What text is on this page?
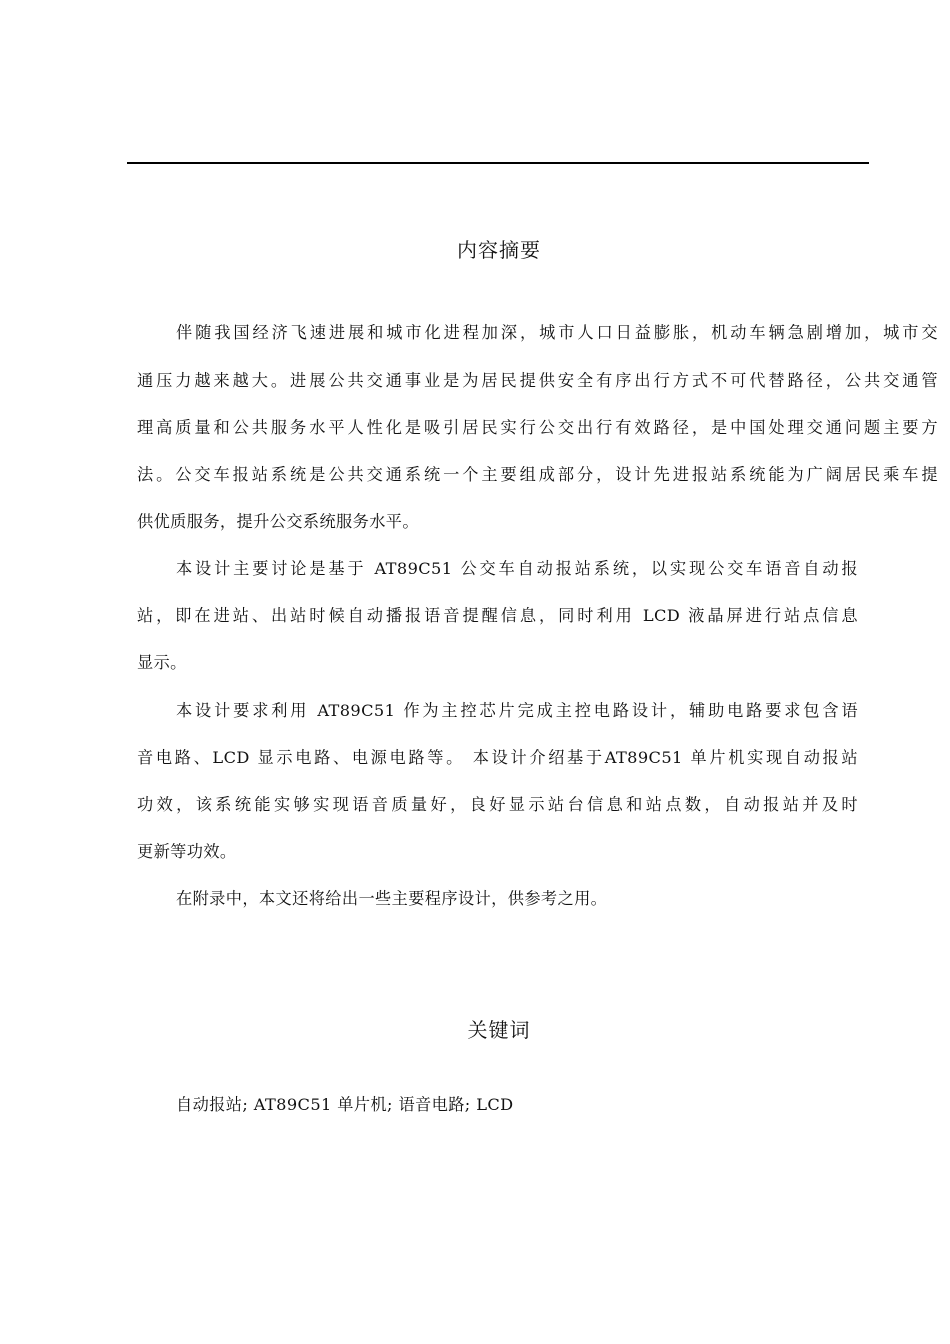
内容摘要
伴随我国经济飞速进展和城市化进程加深，城市人口日益膨胀，机动车辆急剧增加，城市交
通压力越来越大。进展公共交通事业是为居民提供安全有序出行方式不可代替路径，公共交通管
理高质量和公共服务水平人性化是吸引居民实行公交出行有效路径，是中国处理交通问题主要方
法。公交车报站系统是公共交通系统一个主要组成部分，设计先进报站系统能为广阔居民乘车提
供优质服务，提升公交系统服务水平。
本设计主要讨论是基于 AT89C51 公交车自动报站系统，以实现公交车语音自动报
站，即在进站、出站时候自动播报语音提醒信息，同时利用 LCD 液晶屏进行站点信息
显示。
本设计要求利用 AT89C51 作为主控芯片完成主控电路设计，辅助电路要求包含语
音电路、LCD 显示电路、电源电路等。 本设计介绍基于AT89C51 单片机实现自动报站
功效，该系统能实够实现语音质量好，良好显示站台信息和站点数，自动报站并及时
更新等功效。
在附录中，本文还将给出一些主要程序设计，供参考之用。
关键词
自动报站; AT89C51 单片机; 语音电路; LCD
